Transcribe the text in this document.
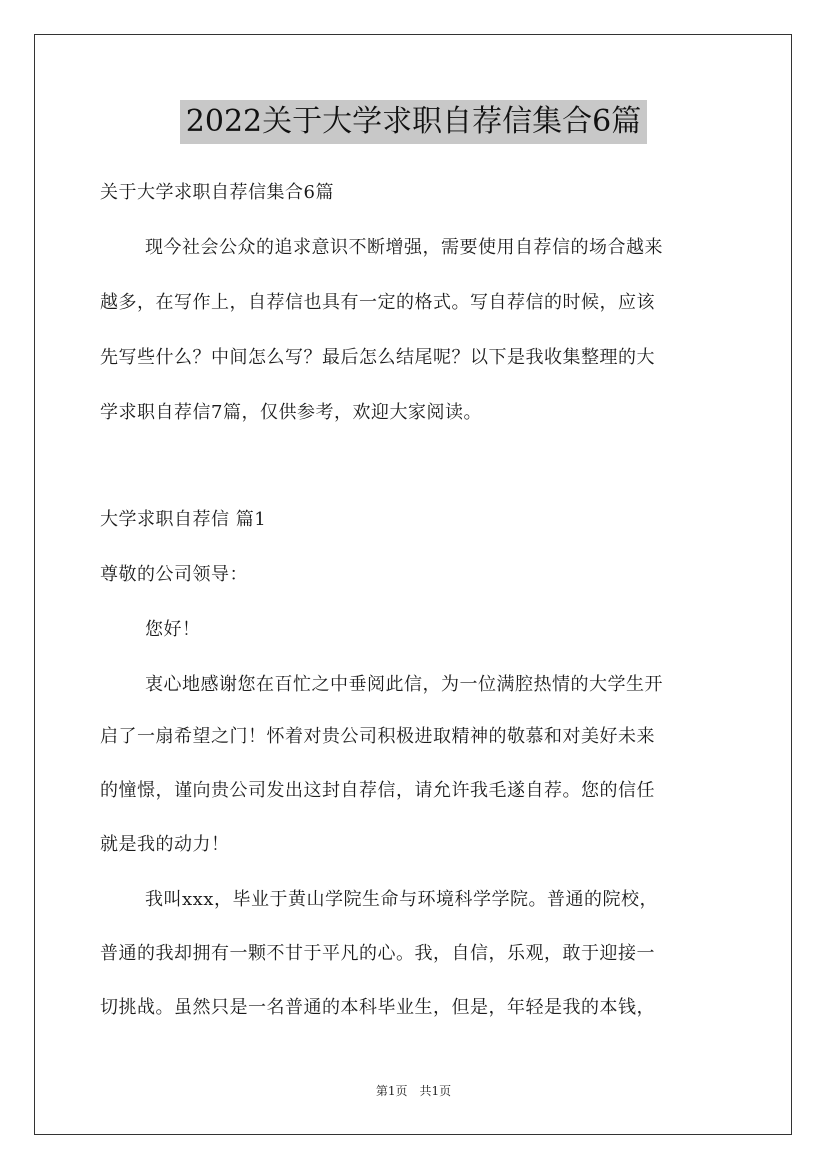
2022关于大学求职自荐信集合6篇
关于大学求职自荐信集合6篇
现今社会公众的追求意识不断增强，需要使用自荐信的场合越来
越多，在写作上，自荐信也具有一定的格式。写自荐信的时候，应该
先写些什么？中间怎么写？最后怎么结尾呢？以下是我收集整理的大
学求职自荐信7篇，仅供参考，欢迎大家阅读。
大学求职自荐信 篇1
尊敬的公司领导：
您好！
衷心地感谢您在百忙之中垂阅此信，为一位满腔热情的大学生开
启了一扇希望之门！怀着对贵公司积极进取精神的敬慕和对美好未来
的憧憬，谨向贵公司发出这封自荐信，请允许我毛遂自荐。您的信任
就是我的动力！
我叫xxx，毕业于黄山学院生命与环境科学学院。普通的院校，
普通的我却拥有一颗不甘于平凡的心。我，自信，乐观，敢于迎接一
切挑战。虽然只是一名普通的本科毕业生，但是，年轻是我的本钱，
第1页 共1页
